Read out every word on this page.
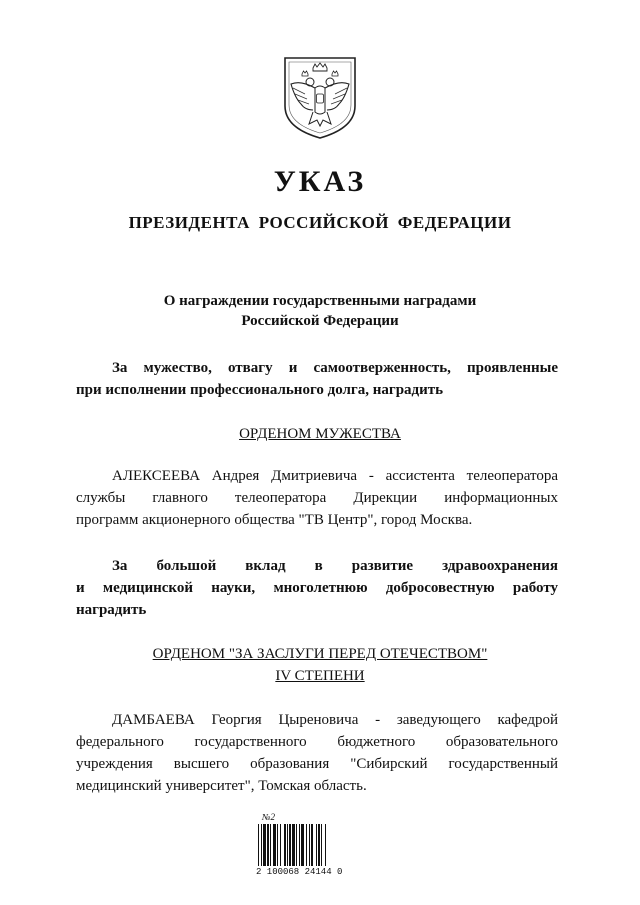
УКАЗ
ПРЕЗИДЕНТА РОССИЙСКОЙ ФЕДЕРАЦИИ
О награждении государственными наградами
Российской Федерации
За мужество, отвагу и самоотверженность, проявленные
при исполнении профессионального долга, наградить
ОРДЕНОМ МУЖЕСТВА
АЛЕКСЕЕВА Андрея Дмитриевича - ассистента телеоператора
службы главного телеоператора Дирекции информационных
программ акционерного общества "ТВ Центр", город Москва.
За большой вклад в развитие здравоохранения
и медицинской науки, многолетнюю добросовестную работу
наградить
ОРДЕНОМ "ЗА ЗАСЛУГИ ПЕРЕД ОТЕЧЕСТВОМ"
IV СТЕПЕНИ
ДАМБАЕВА Георгия Цыреновича - заведующего кафедрой
федерального государственного бюджетного образовательного
учреждения высшего образования "Сибирский государственный
медицинский университет", Томская область.
№2
2 100068 24144 0
